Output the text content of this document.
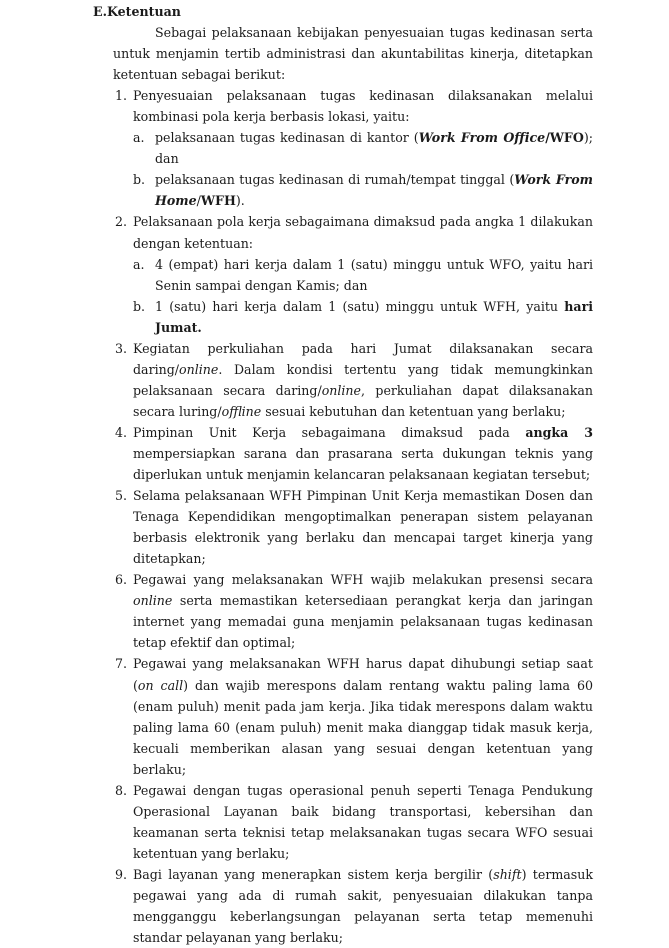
E. Ketentuan

Sebagai pelaksanaan kebijakan penyesuaian tugas kedinasan serta untuk menjamin tertib administrasi dan akuntabilitas kinerja, ditetapkan ketentuan sebagai berikut:

1. Penyesuaian pelaksanaan tugas kedinasan dilaksanakan melalui kombinasi pola kerja berbasis lokasi, yaitu:
a. pelaksanaan tugas kedinasan di kantor (Work From Office/WFO); dan
b. pelaksanaan tugas kedinasan di rumah/tempat tinggal (Work From Home/WFH).
2. Pelaksanaan pola kerja sebagaimana dimaksud pada angka 1 dilakukan dengan ketentuan:
a. 4 (empat) hari kerja dalam 1 (satu) minggu untuk WFO, yaitu hari Senin sampai dengan Kamis; dan
b. 1 (satu) hari kerja dalam 1 (satu) minggu untuk WFH, yaitu hari Jumat.
3. Kegiatan perkuliahan pada hari Jumat dilaksanakan secara daring/online. Dalam kondisi tertentu yang tidak memungkinkan pelaksanaan secara daring/online, perkuliahan dapat dilaksanakan secara luring/offline sesuai kebutuhan dan ketentuan yang berlaku;
4. Pimpinan Unit Kerja sebagaimana dimaksud pada angka 3 mempersiapkan sarana dan prasarana serta dukungan teknis yang diperlukan untuk menjamin kelancaran pelaksanaan kegiatan tersebut;
5. Selama pelaksanaan WFH Pimpinan Unit Kerja memastikan Dosen dan Tenaga Kependidikan mengoptimalkan penerapan sistem pelayanan berbasis elektronik yang berlaku dan mencapai target kinerja yang ditetapkan;
6. Pegawai yang melaksanakan WFH wajib melakukan presensi secara online serta memastikan ketersediaan perangkat kerja dan jaringan internet yang memadai guna menjamin pelaksanaan tugas kedinasan tetap efektif dan optimal;
7. Pegawai yang melaksanakan WFH harus dapat dihubungi setiap saat (on call) dan wajib merespons dalam rentang waktu paling lama 60 (enam puluh) menit pada jam kerja. Jika tidak merespons dalam waktu paling lama 60 (enam puluh) menit maka dianggap tidak masuk kerja, kecuali memberikan alasan yang sesuai dengan ketentuan yang berlaku;
8. Pegawai dengan tugas operasional penuh seperti Tenaga Pendukung Operasional Layanan baik bidang transportasi, kebersihan dan keamanan serta teknisi tetap melaksanakan tugas secara WFO sesuai ketentuan yang berlaku;
9. Bagi layanan yang menerapkan sistem kerja bergilir (shift) termasuk pegawai yang ada di rumah sakit, penyesuaian dilakukan tanpa mengganggu keberlangsungan pelayanan serta tetap memenuhi standar pelayanan yang berlaku;
